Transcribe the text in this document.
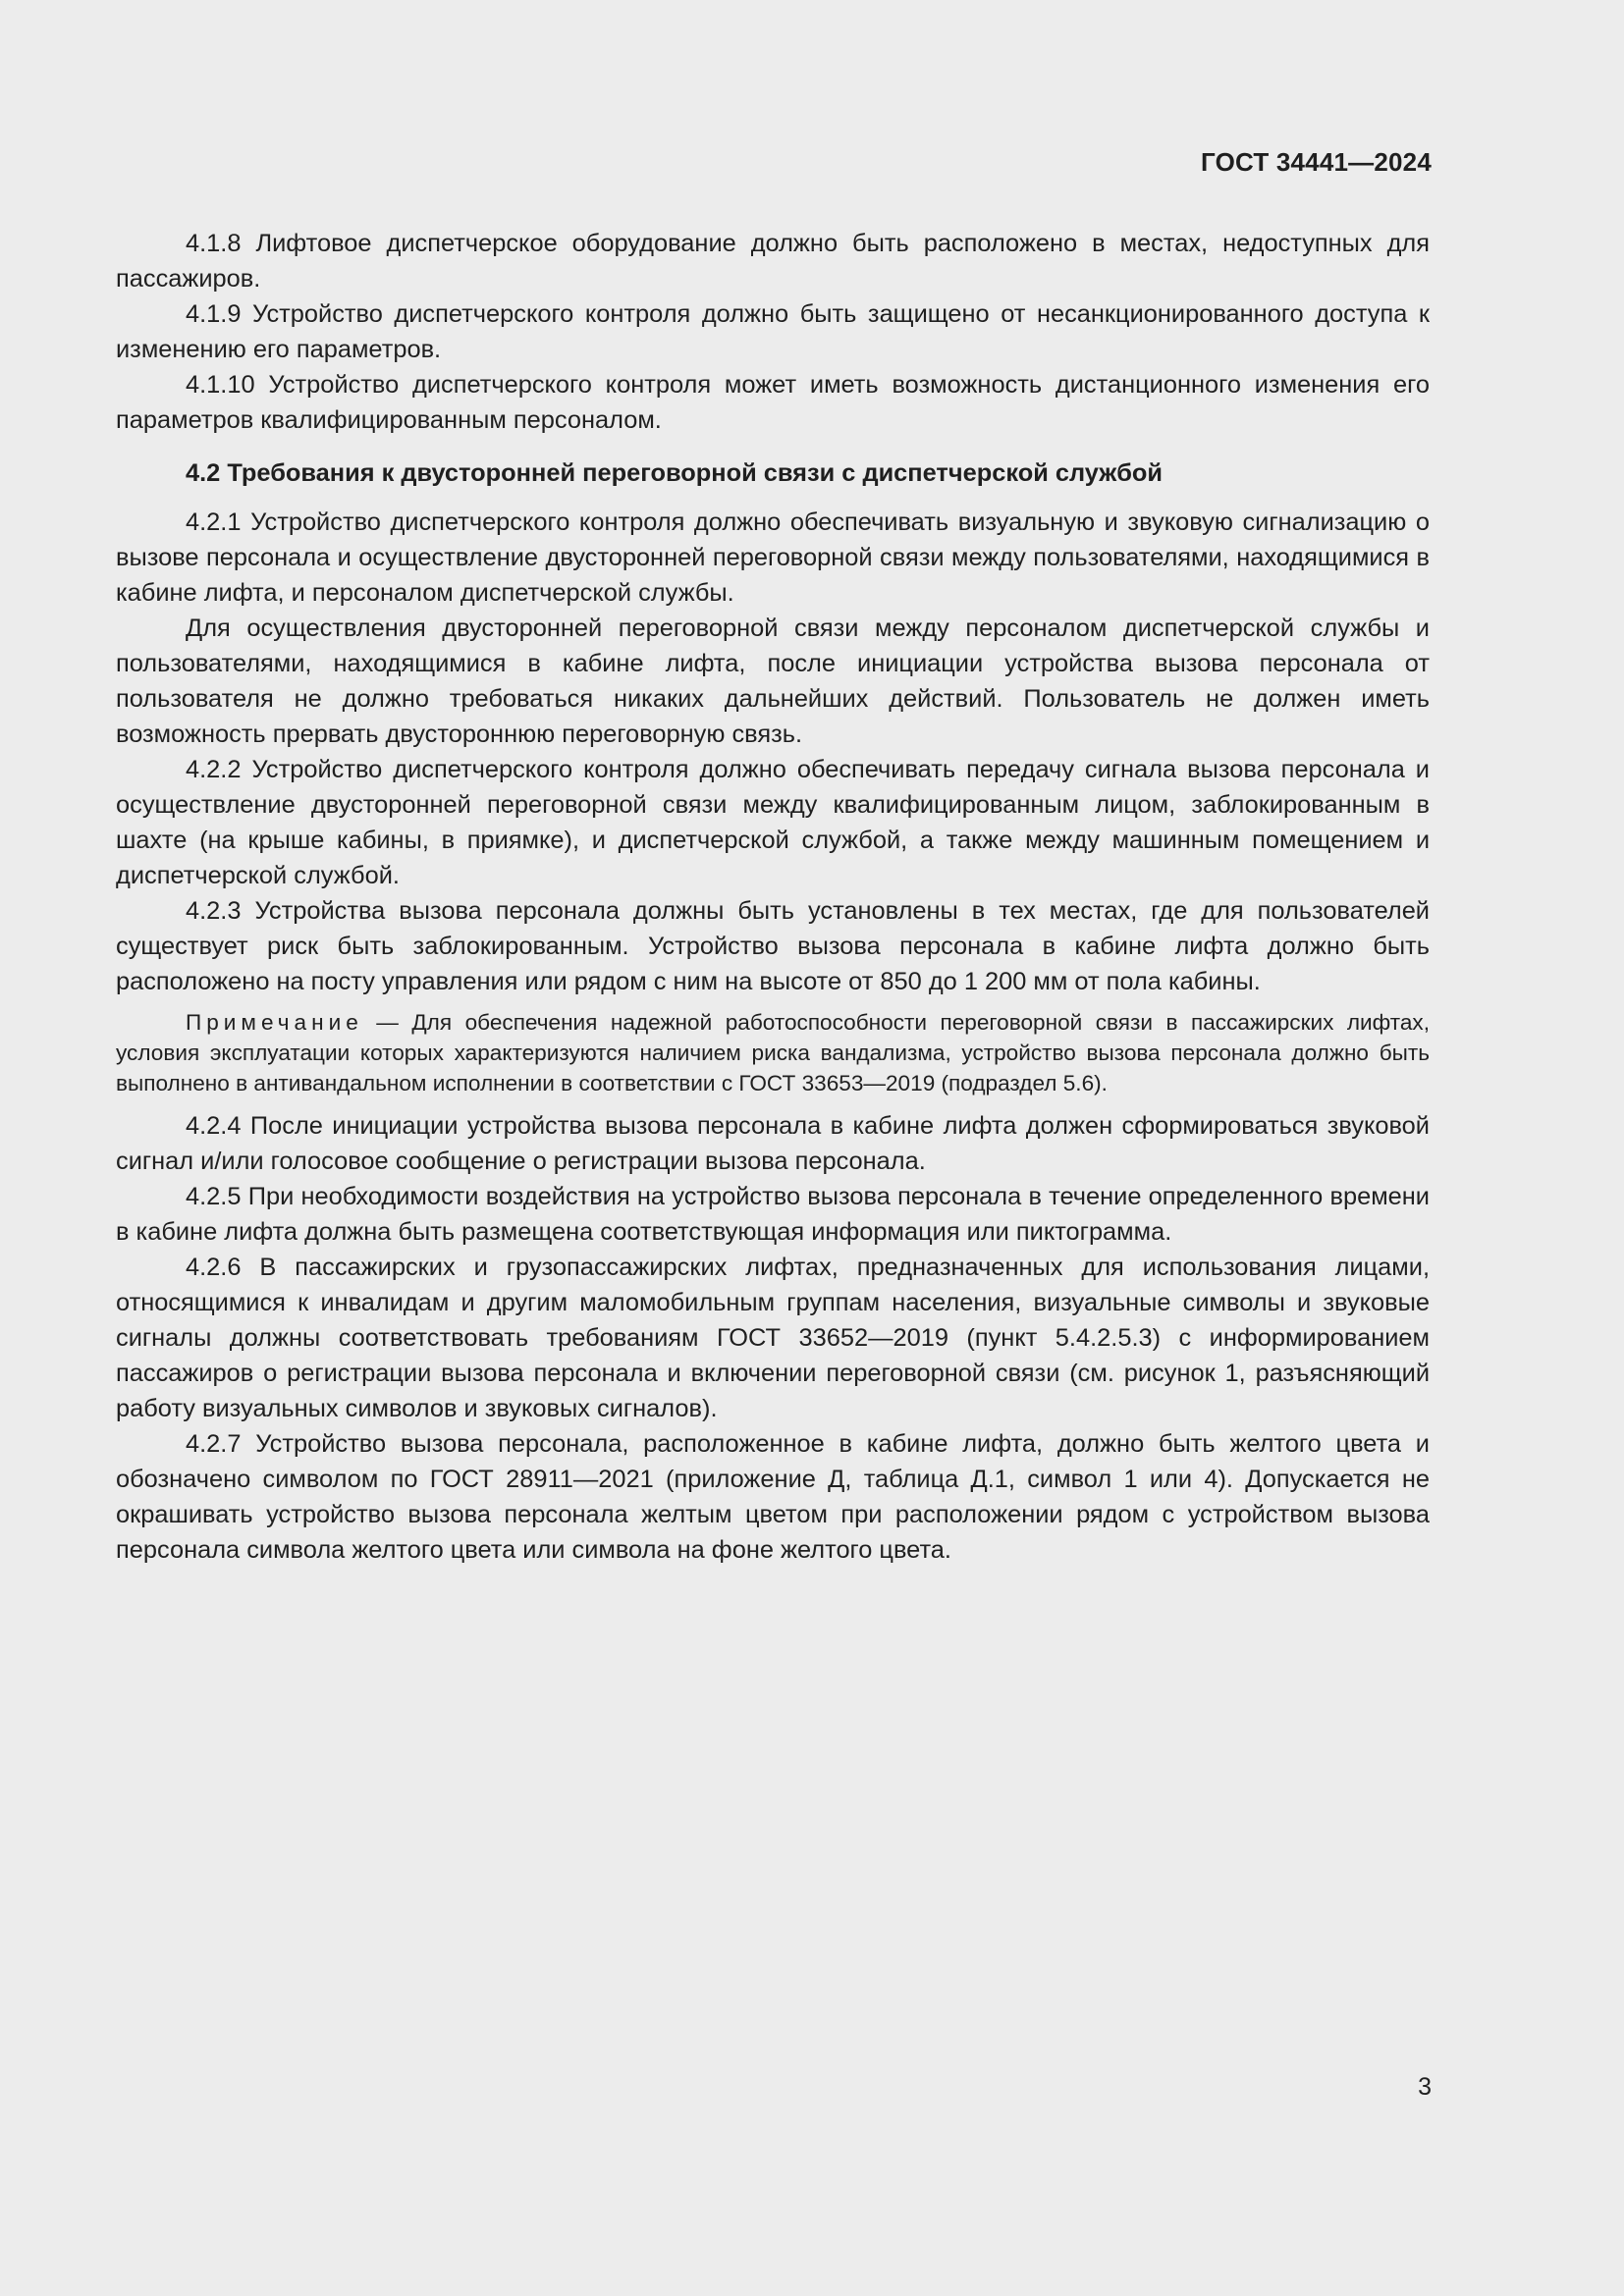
ГОСТ 34441—2024

4.1.8 Лифтовое диспетчерское оборудование должно быть расположено в местах, недоступных для пассажиров.

4.1.9 Устройство диспетчерского контроля должно быть защищено от несанкционированного доступа к изменению его параметров.

4.1.10 Устройство диспетчерского контроля может иметь возможность дистанционного изменения его параметров квалифицированным персоналом.

4.2 Требования к двусторонней переговорной связи с диспетчерской службой

4.2.1 Устройство диспетчерского контроля должно обеспечивать визуальную и звуковую сигнализацию о вызове персонала и осуществление двусторонней переговорной связи между пользователями, находящимися в кабине лифта, и персоналом диспетчерской службы.

Для осуществления двусторонней переговорной связи между персоналом диспетчерской службы и пользователями, находящимися в кабине лифта, после инициации устройства вызова персонала от пользователя не должно требоваться никаких дальнейших действий. Пользователь не должен иметь возможность прервать двустороннюю переговорную связь.

4.2.2 Устройство диспетчерского контроля должно обеспечивать передачу сигнала вызова персонала и осуществление двусторонней переговорной связи между квалифицированным лицом, заблокированным в шахте (на крыше кабины, в приямке), и диспетчерской службой, а также между машинным помещением и диспетчерской службой.

4.2.3 Устройства вызова персонала должны быть установлены в тех местах, где для пользователей существует риск быть заблокированным. Устройство вызова персонала в кабине лифта должно быть расположено на посту управления или рядом с ним на высоте от 850 до 1 200 мм от пола кабины.

Примечание — Для обеспечения надежной работоспособности переговорной связи в пассажирских лифтах, условия эксплуатации которых характеризуются наличием риска вандализма, устройство вызова персонала должно быть выполнено в антивандальном исполнении в соответствии с ГОСТ 33653—2019 (подраздел 5.6).

4.2.4 После инициации устройства вызова персонала в кабине лифта должен сформироваться звуковой сигнал и/или голосовое сообщение о регистрации вызова персонала.

4.2.5 При необходимости воздействия на устройство вызова персонала в течение определенного времени в кабине лифта должна быть размещена соответствующая информация или пиктограмма.

4.2.6 В пассажирских и грузопассажирских лифтах, предназначенных для использования лицами, относящимися к инвалидам и другим маломобильным группам населения, визуальные символы и звуковые сигналы должны соответствовать требованиям ГОСТ 33652—2019 (пункт 5.4.2.5.3) с информированием пассажиров о регистрации вызова персонала и включении переговорной связи (см. рисунок 1, разъясняющий работу визуальных символов и звуковых сигналов).

4.2.7 Устройство вызова персонала, расположенное в кабине лифта, должно быть желтого цвета и обозначено символом по ГОСТ 28911—2021 (приложение Д, таблица Д.1, символ 1 или 4). Допускается не окрашивать устройство вызова персонала желтым цветом при расположении рядом с устройством вызова персонала символа желтого цвета или символа на фоне желтого цвета.

3
